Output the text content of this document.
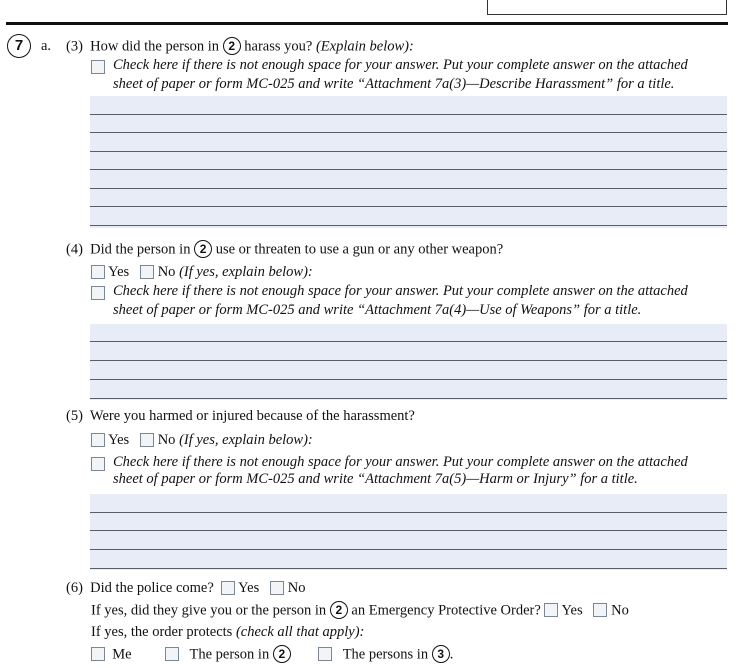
7	a. (3) How did the person in 2 harass you? (Explain below):
Check here if there is not enough space for your answer. Put your complete answer on the attached
sheet of paper or form MC-025 and write “Attachment 7a(3)—Describe Harassment” for a title.
(4) Did the person in 2 use or threaten to use a gun or any other weapon?
Yes No (If yes, explain below):
Check here if there is not enough space for your answer. Put your complete answer on the attached
sheet of paper or form MC-025 and write “Attachment 7a(4)—Use of Weapons” for a title.
(5) Were you harmed or injured because of the harassment?
Yes No (If yes, explain below):
Check here if there is not enough space for your answer. Put your complete answer on the attached
sheet of paper or form MC-025 and write “Attachment 7a(5)—Harm or Injury” for a title.
(6) Did the police come? Yes No
If yes, did they give you or the person in 2 an Emergency Protective Order? Yes No
If yes, the order protects (check all that apply):
Me	The person in 2	The persons in 3 .
